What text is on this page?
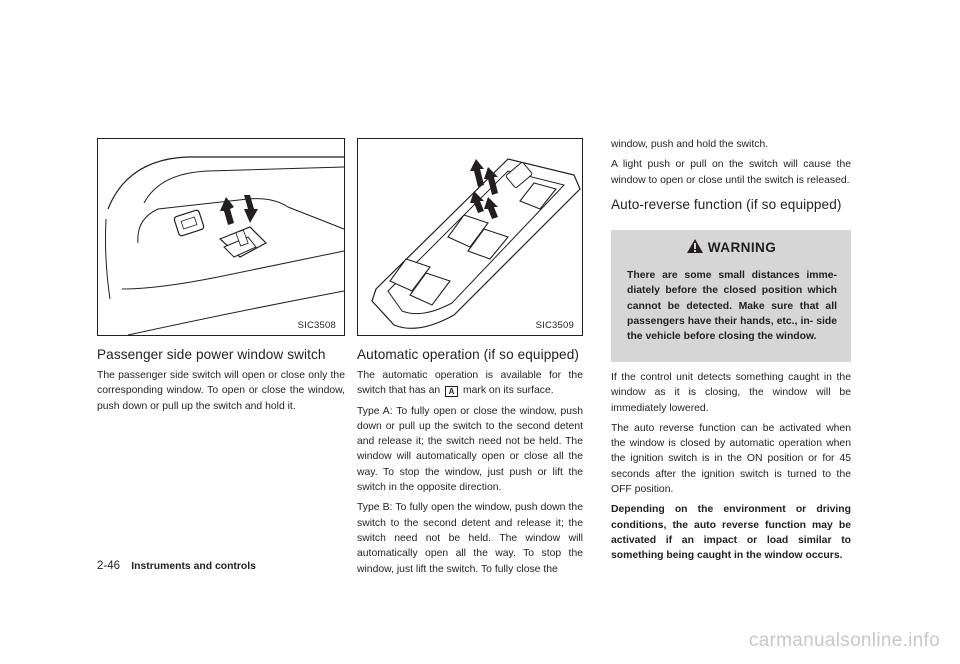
SIC3508	SIC3509
Passenger side power window switch

The passenger side switch will open or close only the corresponding window. To open or close the window, push down or pull up the switch and hold it.

Automatic operation (if so equipped)

The automatic operation is available for the switch that has an A mark on its surface.

Type A: To fully open or close the window, push down or pull up the switch to the second detent and release it; the switch need not be held. The window will automatically open or close all the way. To stop the window, just push or lift the switch in the opposite direction.

Type B: To fully open the window, push down the switch to the second detent and release it; the switch need not be held. The window will automatically open all the way. To stop the window, just lift the switch. To fully close the

window, push and hold the switch.

A light push or pull on the switch will cause the window to open or close until the switch is released.

Auto-reverse function (if so equipped)
WARNING
There are some small distances imme- diately before the closed position which cannot be detected. Make sure that all passengers have their hands, etc., in- side the vehicle before closing the window.

If the control unit detects something caught in the window as it is closing, the window will be immediately lowered.

The auto reverse function can be activated when the window is closed by automatic operation when the ignition switch is in the ON position or for 45 seconds after the ignition switch is turned to the OFF position.

Depending on the environment or driving conditions, the auto reverse function may be activated if an impact or load similar to something being caught in the window occurs.

2-46 Instruments and controls
carmanualsonline.info
